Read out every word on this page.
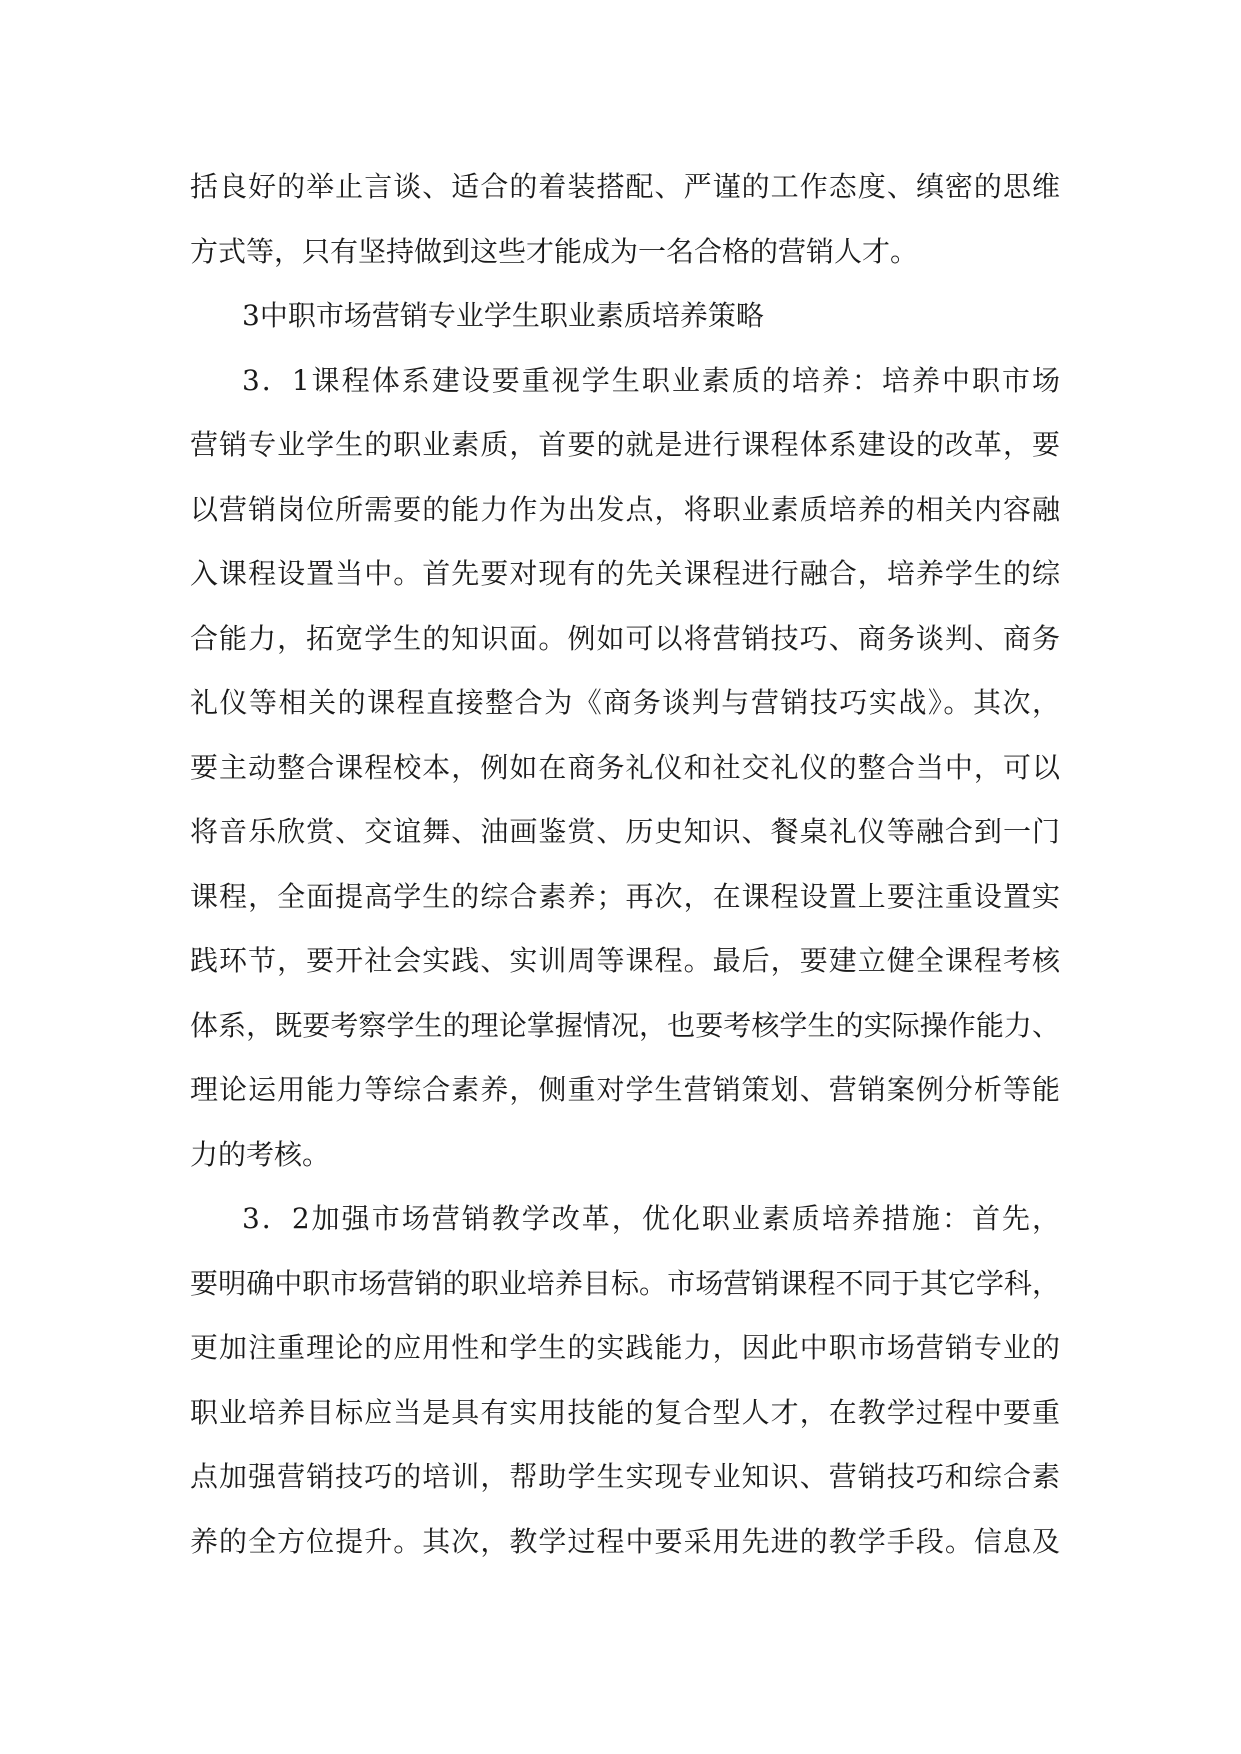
括良好的举止言谈、适合的着装搭配、严谨的工作态度、缜密的思维
方式等，只有坚持做到这些才能成为一名合格的营销人才。
3中职市场营销专业学生职业素质培养策略
3．1课程体系建设要重视学生职业素质的培养：培养中职市场
营销专业学生的职业素质，首要的就是进行课程体系建设的改革，要
以营销岗位所需要的能力作为出发点，将职业素质培养的相关内容融
入课程设置当中。首先要对现有的先关课程进行融合，培养学生的综
合能力，拓宽学生的知识面。例如可以将营销技巧、商务谈判、商务
礼仪等相关的课程直接整合为《商务谈判与营销技巧实战》。其次，
要主动整合课程校本，例如在商务礼仪和社交礼仪的整合当中，可以
将音乐欣赏、交谊舞、油画鉴赏、历史知识、餐桌礼仪等融合到一门
课程，全面提高学生的综合素养；再次，在课程设置上要注重设置实
践环节，要开社会实践、实训周等课程。最后，要建立健全课程考核
体系，既要考察学生的理论掌握情况，也要考核学生的实际操作能力、
理论运用能力等综合素养，侧重对学生营销策划、营销案例分析等能
力的考核。
3．2加强市场营销教学改革，优化职业素质培养措施：首先，
要明确中职市场营销的职业培养目标。市场营销课程不同于其它学科，
更加注重理论的应用性和学生的实践能力，因此中职市场营销专业的
职业培养目标应当是具有实用技能的复合型人才，在教学过程中要重
点加强营销技巧的培训，帮助学生实现专业知识、营销技巧和综合素
养的全方位提升。其次，教学过程中要采用先进的教学手段。信息及
